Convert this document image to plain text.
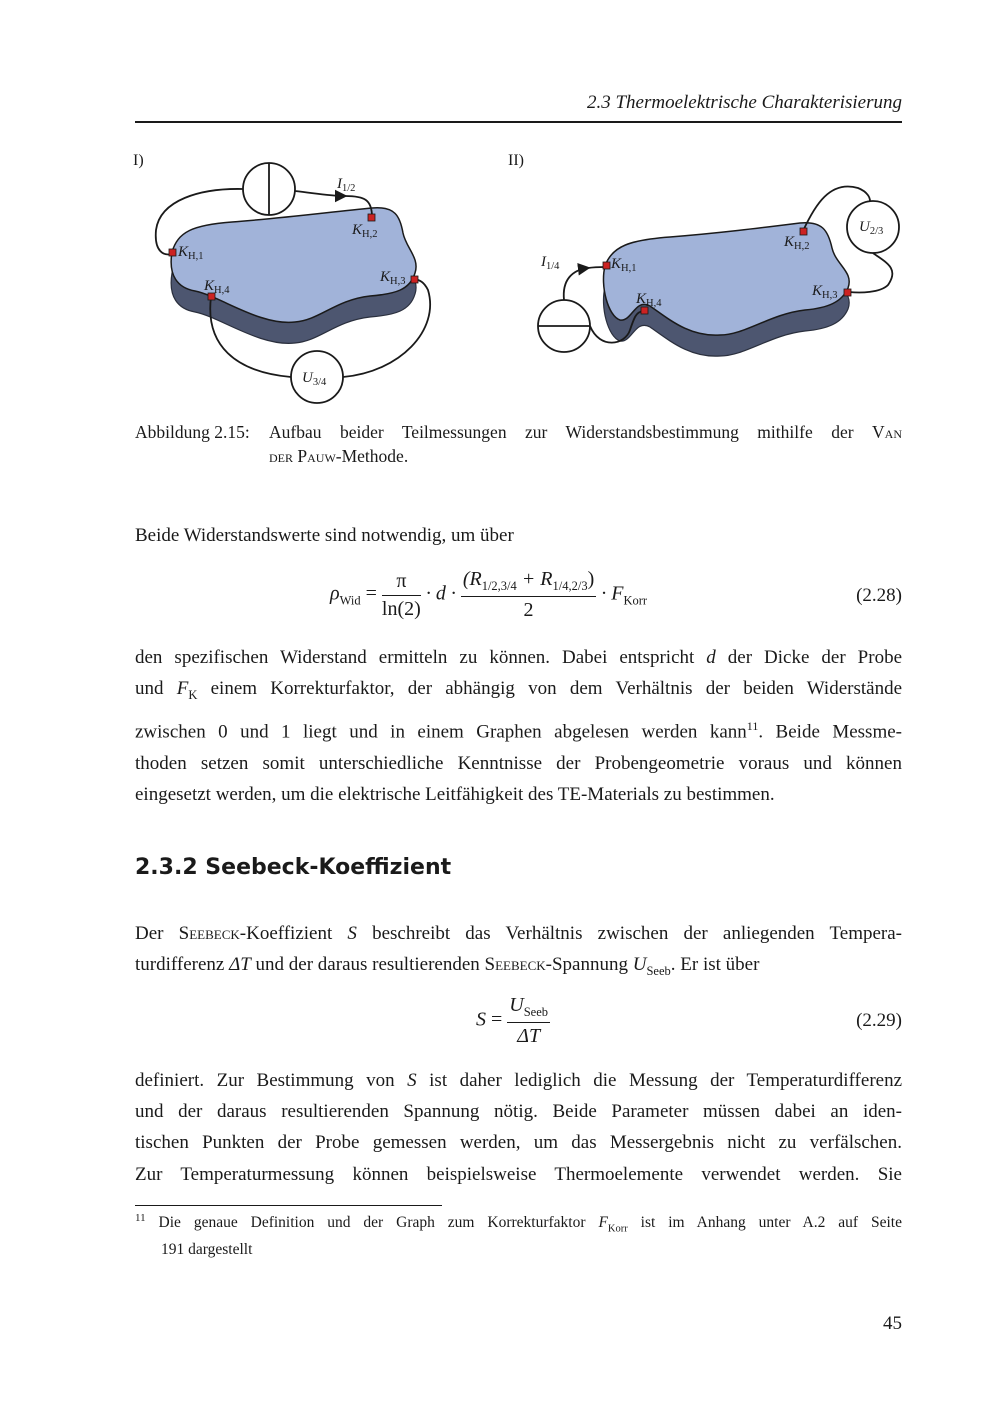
2.3 Thermoelektrische Charakterisierung
I)
$K_{H,1}$
$K_{H,2}$
$K_{H,3}$
$K_{H,4}$
$I_{1/2}$
$U_{3/4}$
II)
$K_{H,1}$
$K_{H,2}$
$K_{H,3}$
$K_{H,4}$
$I_{1/4}$
$U_{2/3}$
Abbildung 2.15: Aufbau beider Teilmessungen zur Widerstandsbestimmung mithilfe der Van
der Pauw-Methode.
Beide Widerstandswerte sind notwendig, um über
$\rho_{Wid} = \frac{\pi}{\ln(2)} \cdot d \cdot \frac{(R_{1/2,3/4} + R_{1/4,2/3})}{2} \cdot F_{Korr}$	(2.28)
den spezifischen Widerstand ermitteln zu können. Dabei entspricht d der Dicke der Probe
und $F_K$ einem Korrekturfaktor, der abhängig von dem Verhältnis der beiden Widerstände
zwischen 0 und 1 liegt und in einem Graphen abgelesen werden kann$^{11}$. Beide Messme-
thoden setzen somit unterschiedliche Kenntnisse der Probengeometrie voraus und können
eingesetzt werden, um die elektrische Leitfähigkeit des TE-Materials zu bestimmen.
2.3.2 Seebeck-Koeffizient
Der Seebeck-Koeffizient S beschreibt das Verhältnis zwischen der anliegenden Tempera-
turdifferenz ΔT und der daraus resultierenden Seebeck-Spannung $U_{Seeb}$. Er ist über
$S = \frac{U_{Seeb}}{\Delta T}$	(2.29)
definiert. Zur Bestimmung von S ist daher lediglich die Messung der Temperaturdifferenz
und der daraus resultierenden Spannung nötig. Beide Parameter müssen dabei an iden-
tischen Punkten der Probe gemessen werden, um das Messergebnis nicht zu verfälschen.
Zur Temperaturmessung können beispielsweise Thermoelemente verwendet werden. Sie
$^{11}$ Die genaue Definition und der Graph zum Korrekturfaktor $F_{Korr}$ ist im Anhang unter A.2 auf Seite
191 dargestellt
45
